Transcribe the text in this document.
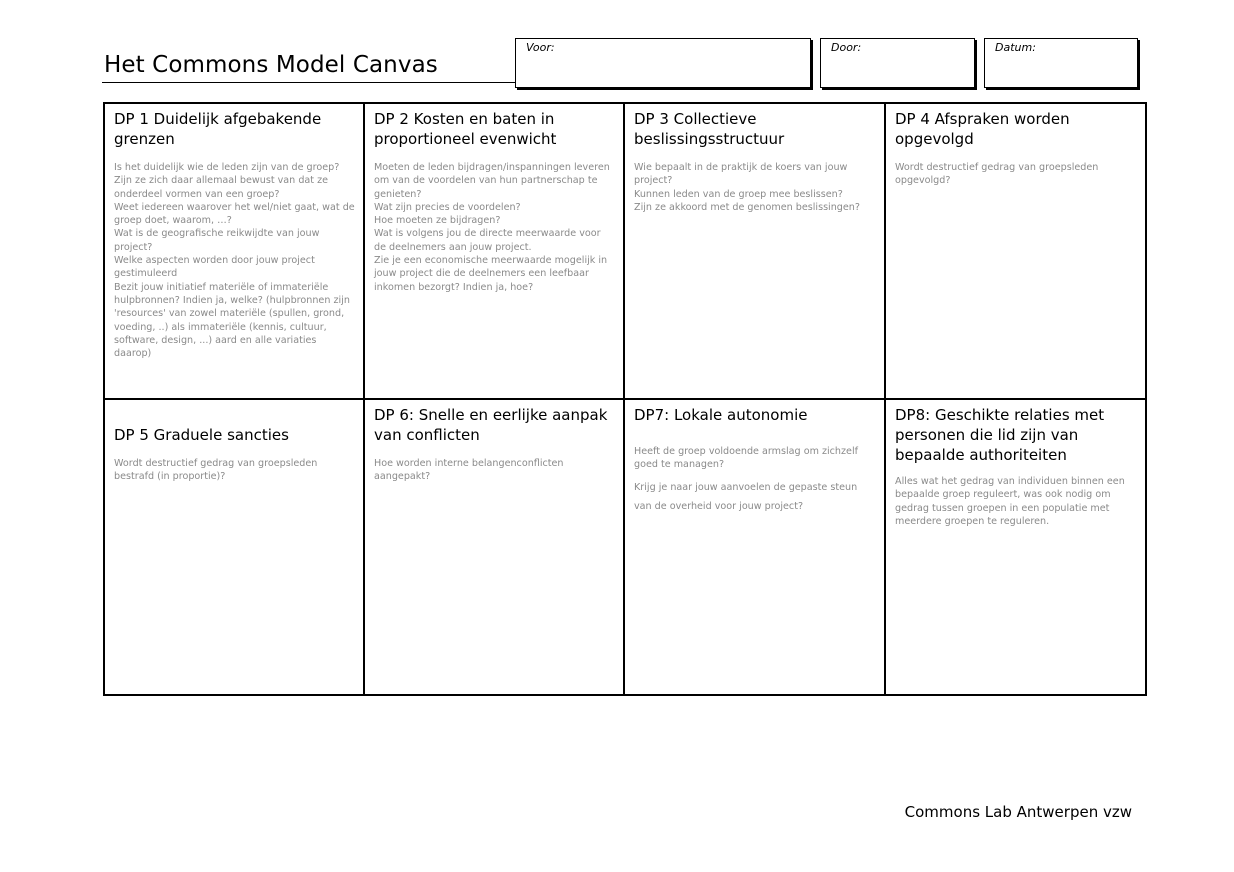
Het Commons Model Canvas
Voor:	Door:	Datum:
DP 1 Duidelijk afgebakende grenzen
Is het duidelijk wie de leden zijn van de groep?
Zijn ze zich daar allemaal bewust van dat ze onderdeel vormen van een groep?
Weet iedereen waarover het wel/niet gaat, wat de groep doet, waarom, …?
Wat is de geografische reikwijdte van jouw project?
Welke aspecten worden door jouw project gestimuleerd
Bezit jouw initiatief materiële of immateriële hulpbronnen? Indien ja, welke? (hulpbronnen zijn 'resources' van zowel materiële (spullen, grond, voeding, ..) als immateriële (kennis, cultuur, software, design, ...) aard en alle variaties daarop)
DP 2 Kosten en baten in proportioneel evenwicht
Moeten de leden bijdragen/inspanningen leveren om van de voordelen van hun partnerschap te genieten?
Wat zijn precies de voordelen?
Hoe moeten ze bijdragen?
Wat is volgens jou de directe meerwaarde voor de deelnemers aan jouw project.
Zie je een economische meerwaarde mogelijk in jouw project die de deelnemers een leefbaar inkomen bezorgt? Indien ja, hoe?
DP 3 Collectieve beslissingsstructuur
Wie bepaalt in de praktijk de koers van jouw project?
Kunnen leden van de groep mee beslissen?
Zijn ze akkoord met de genomen beslissingen?
DP 4 Afspraken worden opgevolgd
Wordt destructief gedrag van groepsleden opgevolgd?
DP 5 Graduele sancties
Wordt destructief gedrag van groepsleden bestrafd (in proportie)?
DP 6: Snelle en eerlijke aanpak van conflicten
Hoe worden interne belangenconflicten aangepakt?
DP7: Lokale autonomie
Heeft de groep voldoende armslag om zichzelf goed te managen?
Krijg je naar jouw aanvoelen de gepaste steun van de overheid voor jouw project?
DP8: Geschikte relaties met personen die lid zijn van bepaalde authoriteiten
Alles wat het gedrag van individuen binnen een bepaalde groep reguleert, was ook nodig om gedrag tussen groepen in een populatie met meerdere groepen te reguleren.
Commons Lab Antwerpen vzw
